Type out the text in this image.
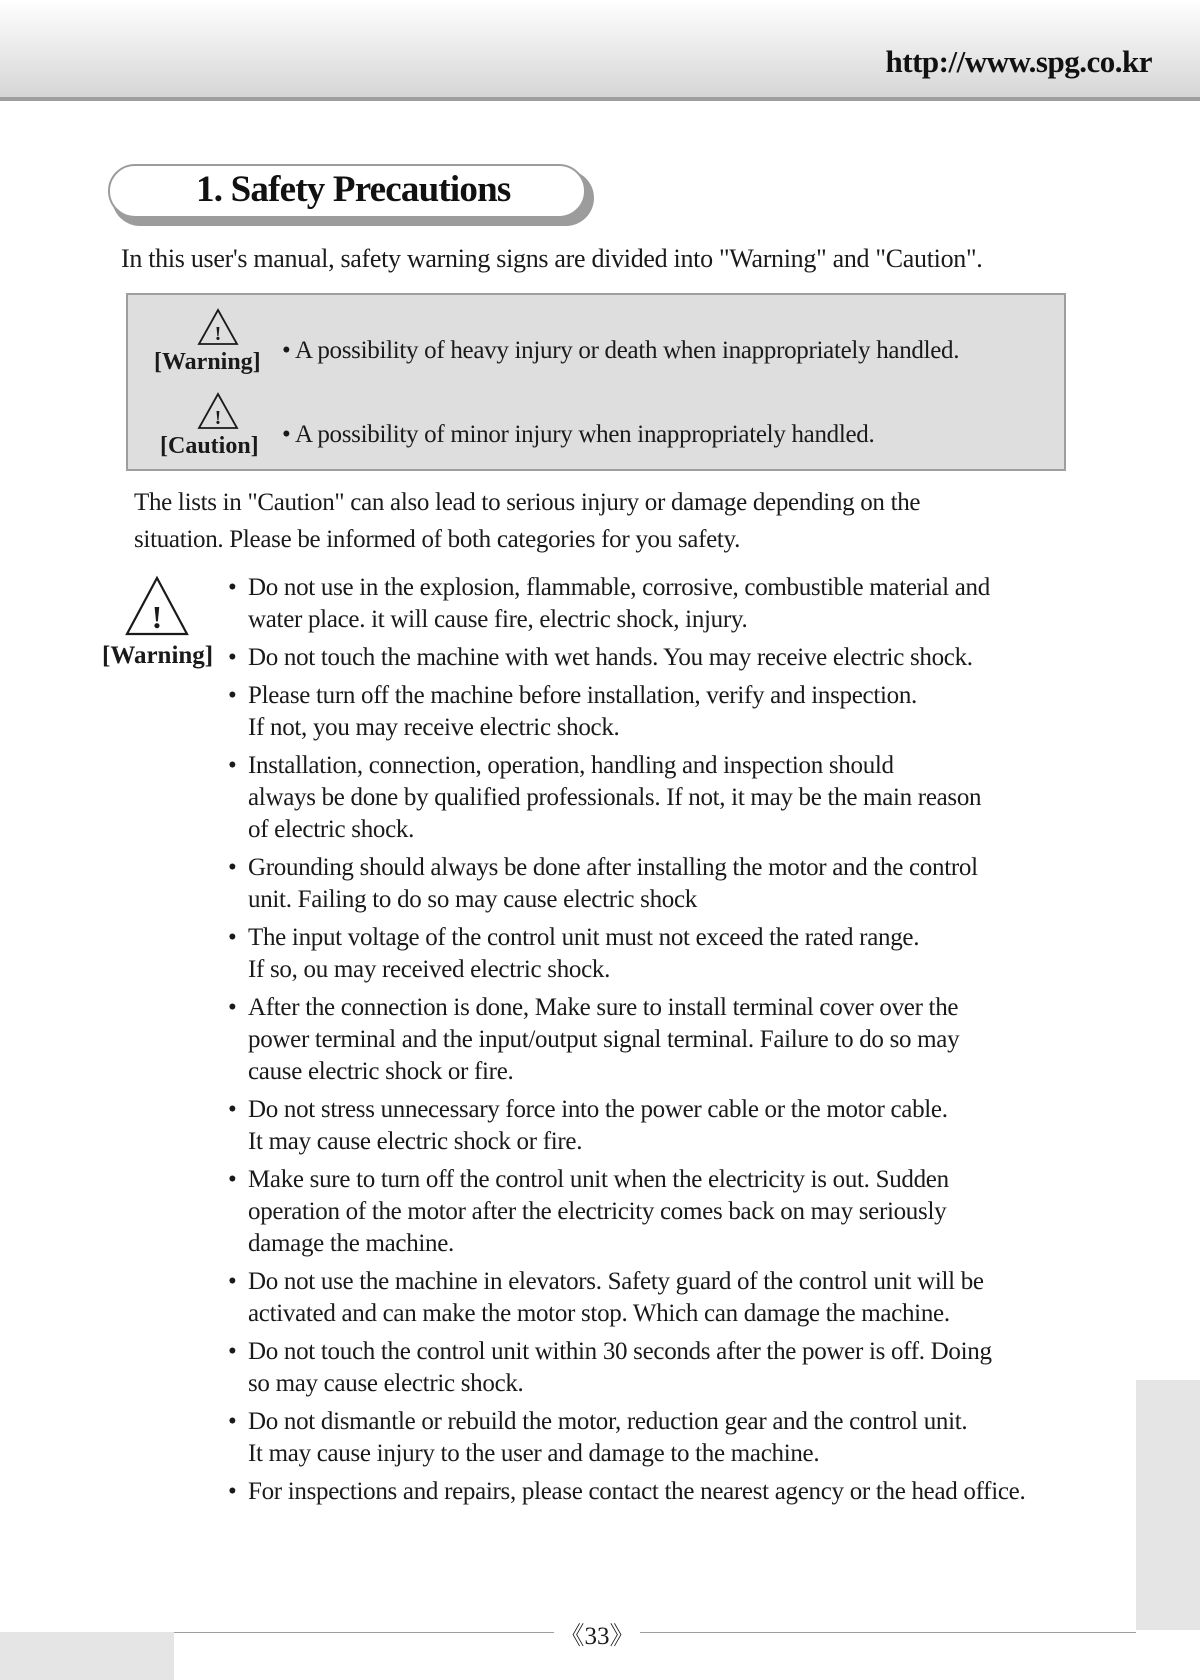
http://www.spg.co.kr
1. Safety Precautions
In this user's manual, safety warning signs are divided into "Warning" and "Caution".
!
[Warning] • A possibility of heavy injury or death when inappropriately handled.
!
[Caution] • A possibility of minor injury when inappropriately handled.
The lists in "Caution" can also lead to serious injury or damage depending on the
situation. Please be informed of both categories for you safety.
!
[Warning]
• Do not use in the explosion, flammable, corrosive, combustible material and
water place. it will cause fire, electric shock, injury.
• Do not touch the machine with wet hands. You may receive electric shock.
• Please turn off the machine before installation, verify and inspection.
If not, you may receive electric shock.
• Installation, connection, operation, handling and inspection should
always be done by qualified professionals. If not, it may be the main reason
of electric shock.
• Grounding should always be done after installing the motor and the control
unit. Failing to do so may cause electric shock
• The input voltage of the control unit must not exceed the rated range.
If so, ou may received electric shock.
• After the connection is done, Make sure to install terminal cover over the
power terminal and the input/output signal terminal. Failure to do so may
cause electric shock or fire.
• Do not stress unnecessary force into the power cable or the motor cable.
It may cause electric shock or fire.
• Make sure to turn off the control unit when the electricity is out. Sudden
operation of the motor after the electricity comes back on may seriously
damage the machine.
• Do not use the machine in elevators. Safety guard of the control unit will be
activated and can make the motor stop. Which can damage the machine.
• Do not touch the control unit within 30 seconds after the power is off. Doing
so may cause electric shock.
• Do not dismantle or rebuild the motor, reduction gear and the control unit.
It may cause injury to the user and damage to the machine.
• For inspections and repairs, please contact the nearest agency or the head office.
《33》
